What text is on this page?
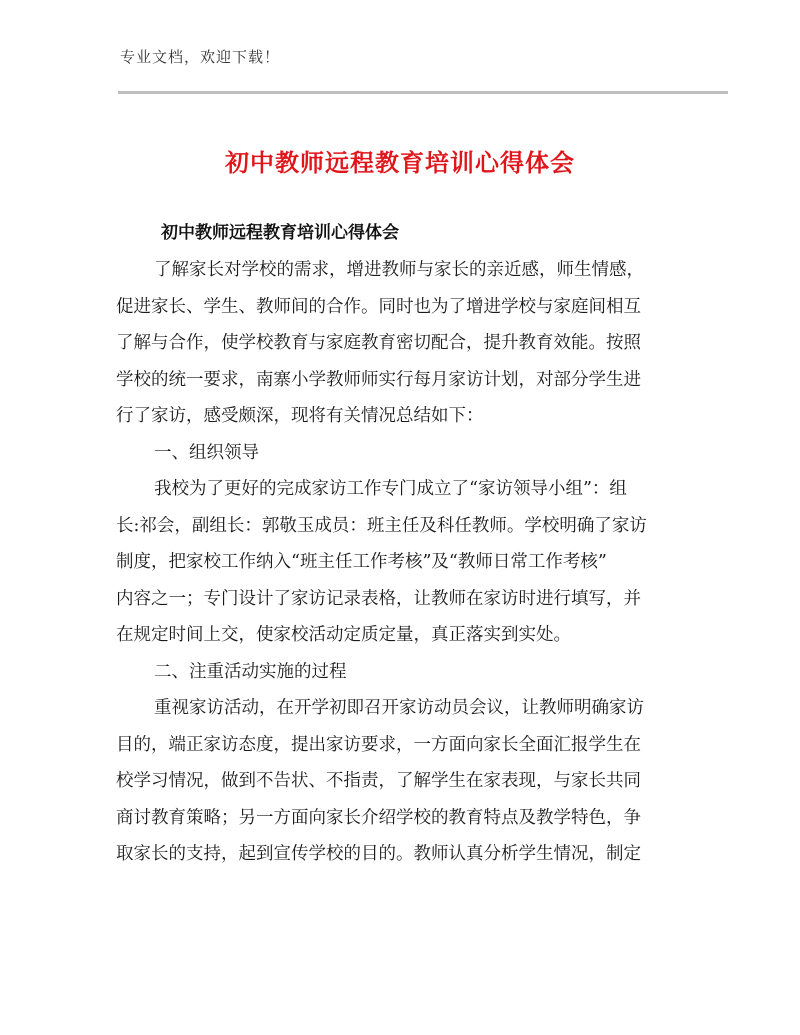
专业文档，欢迎下载！
初中教师远程教育培训心得体会
初中教师远程教育培训心得体会
了解家长对学校的需求，增进教师与家长的亲近感，师生情感，
促进家长、学生、教师间的合作。同时也为了增进学校与家庭间相互
了解与合作，使学校教育与家庭教育密切配合，提升教育效能。按照
学校的统一要求，南寨小学教师师实行每月家访计划，对部分学生进
行了家访，感受颇深，现将有关情况总结如下：
一、组织领导
我校为了更好的完成家访工作专门成立了“家访领导小组”：组
长:祁会，副组长：郭敬玉成员：班主任及科任教师。学校明确了家访
制度，把家校工作纳入“班主任工作考核”及“教师日常工作考核”
内容之一；专门设计了家访记录表格，让教师在家访时进行填写，并
在规定时间上交，使家校活动定质定量，真正落实到实处。
二、注重活动实施的过程
重视家访活动，在开学初即召开家访动员会议，让教师明确家访
目的，端正家访态度，提出家访要求，一方面向家长全面汇报学生在
校学习情况，做到不告状、不指责，了解学生在家表现，与家长共同
商讨教育策略；另一方面向家长介绍学校的教育特点及教学特色，争
取家长的支持，起到宣传学校的目的。教师认真分析学生情况，制定
